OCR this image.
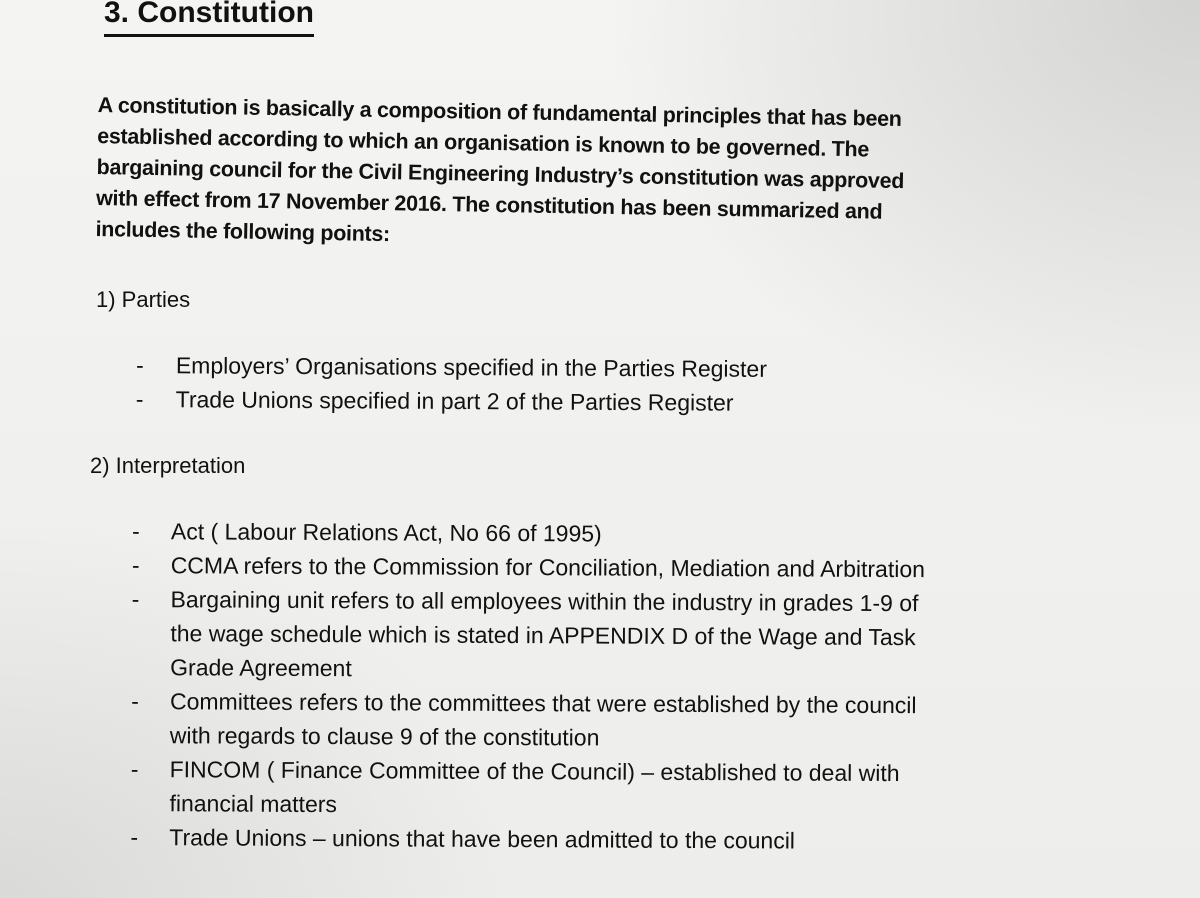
3. Constitution
A constitution is basically a composition of fundamental principles that has been
established according to which an organisation is known to be governed. The
bargaining council for the Civil Engineering Industry’s constitution was approved
with effect from 17 November 2016. The constitution has been summarized and
includes the following points:
1) Parties
- Employers’ Organisations specified in the Parties Register
- Trade Unions specified in part 2 of the Parties Register
2) Interpretation
- Act ( Labour Relations Act, No 66 of 1995)
- CCMA refers to the Commission for Conciliation, Mediation and Arbitration
- Bargaining unit refers to all employees within the industry in grades 1-9 of
the wage schedule which is stated in APPENDIX D of the Wage and Task
Grade Agreement
- Committees refers to the committees that were established by the council
with regards to clause 9 of the constitution
- FINCOM ( Finance Committee of the Council) – established to deal with
financial matters
- Trade Unions – unions that have been admitted to the council
